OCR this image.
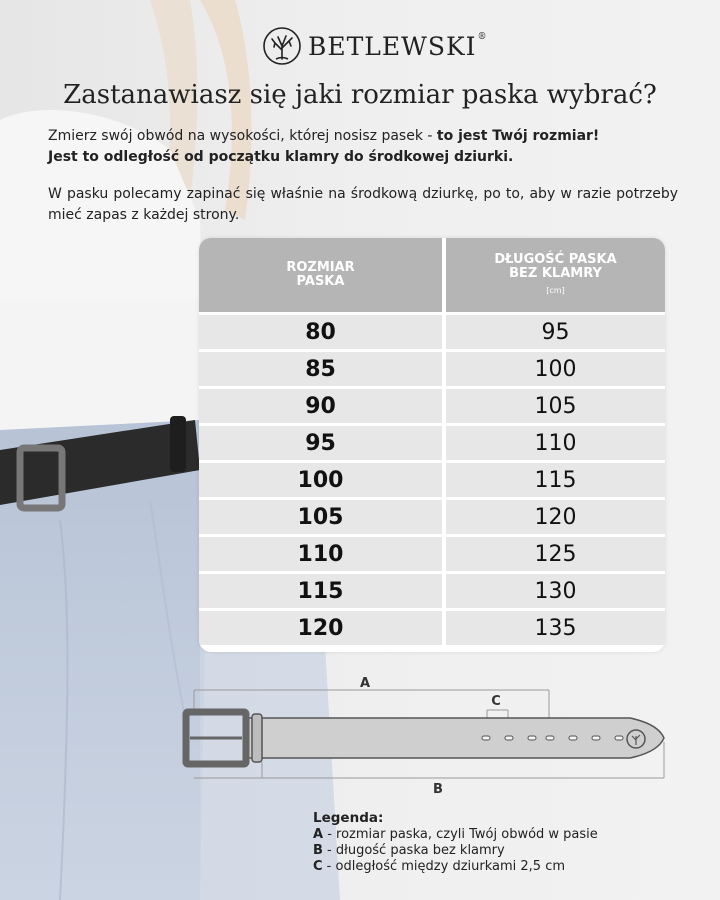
BETLEWSKI®
Zastanawiasz się jaki rozmiar paska wybrać?
Zmierz swój obwód na wysokości, której nosisz pasek - to jest Twój rozmiar!
Jest to odległość od początku klamry do środkowej dziurki.
W pasku polecamy zapinać się właśnie na środkową dziurkę, po to, aby w razie potrzeby mieć zapas z każdej strony.
ROZMIAR
PASKA
DŁUGOŚĆ PASKA
BEZ KLAMRY
[cm]
80	95
85	100
90	105
95	110
100	115
105	120
110	125
115	130
120	135
A
C
B
Legenda:
A - rozmiar paska, czyli Twój obwód w pasie
B - długość paska bez klamry
C - odległość między dziurkami 2,5 cm
